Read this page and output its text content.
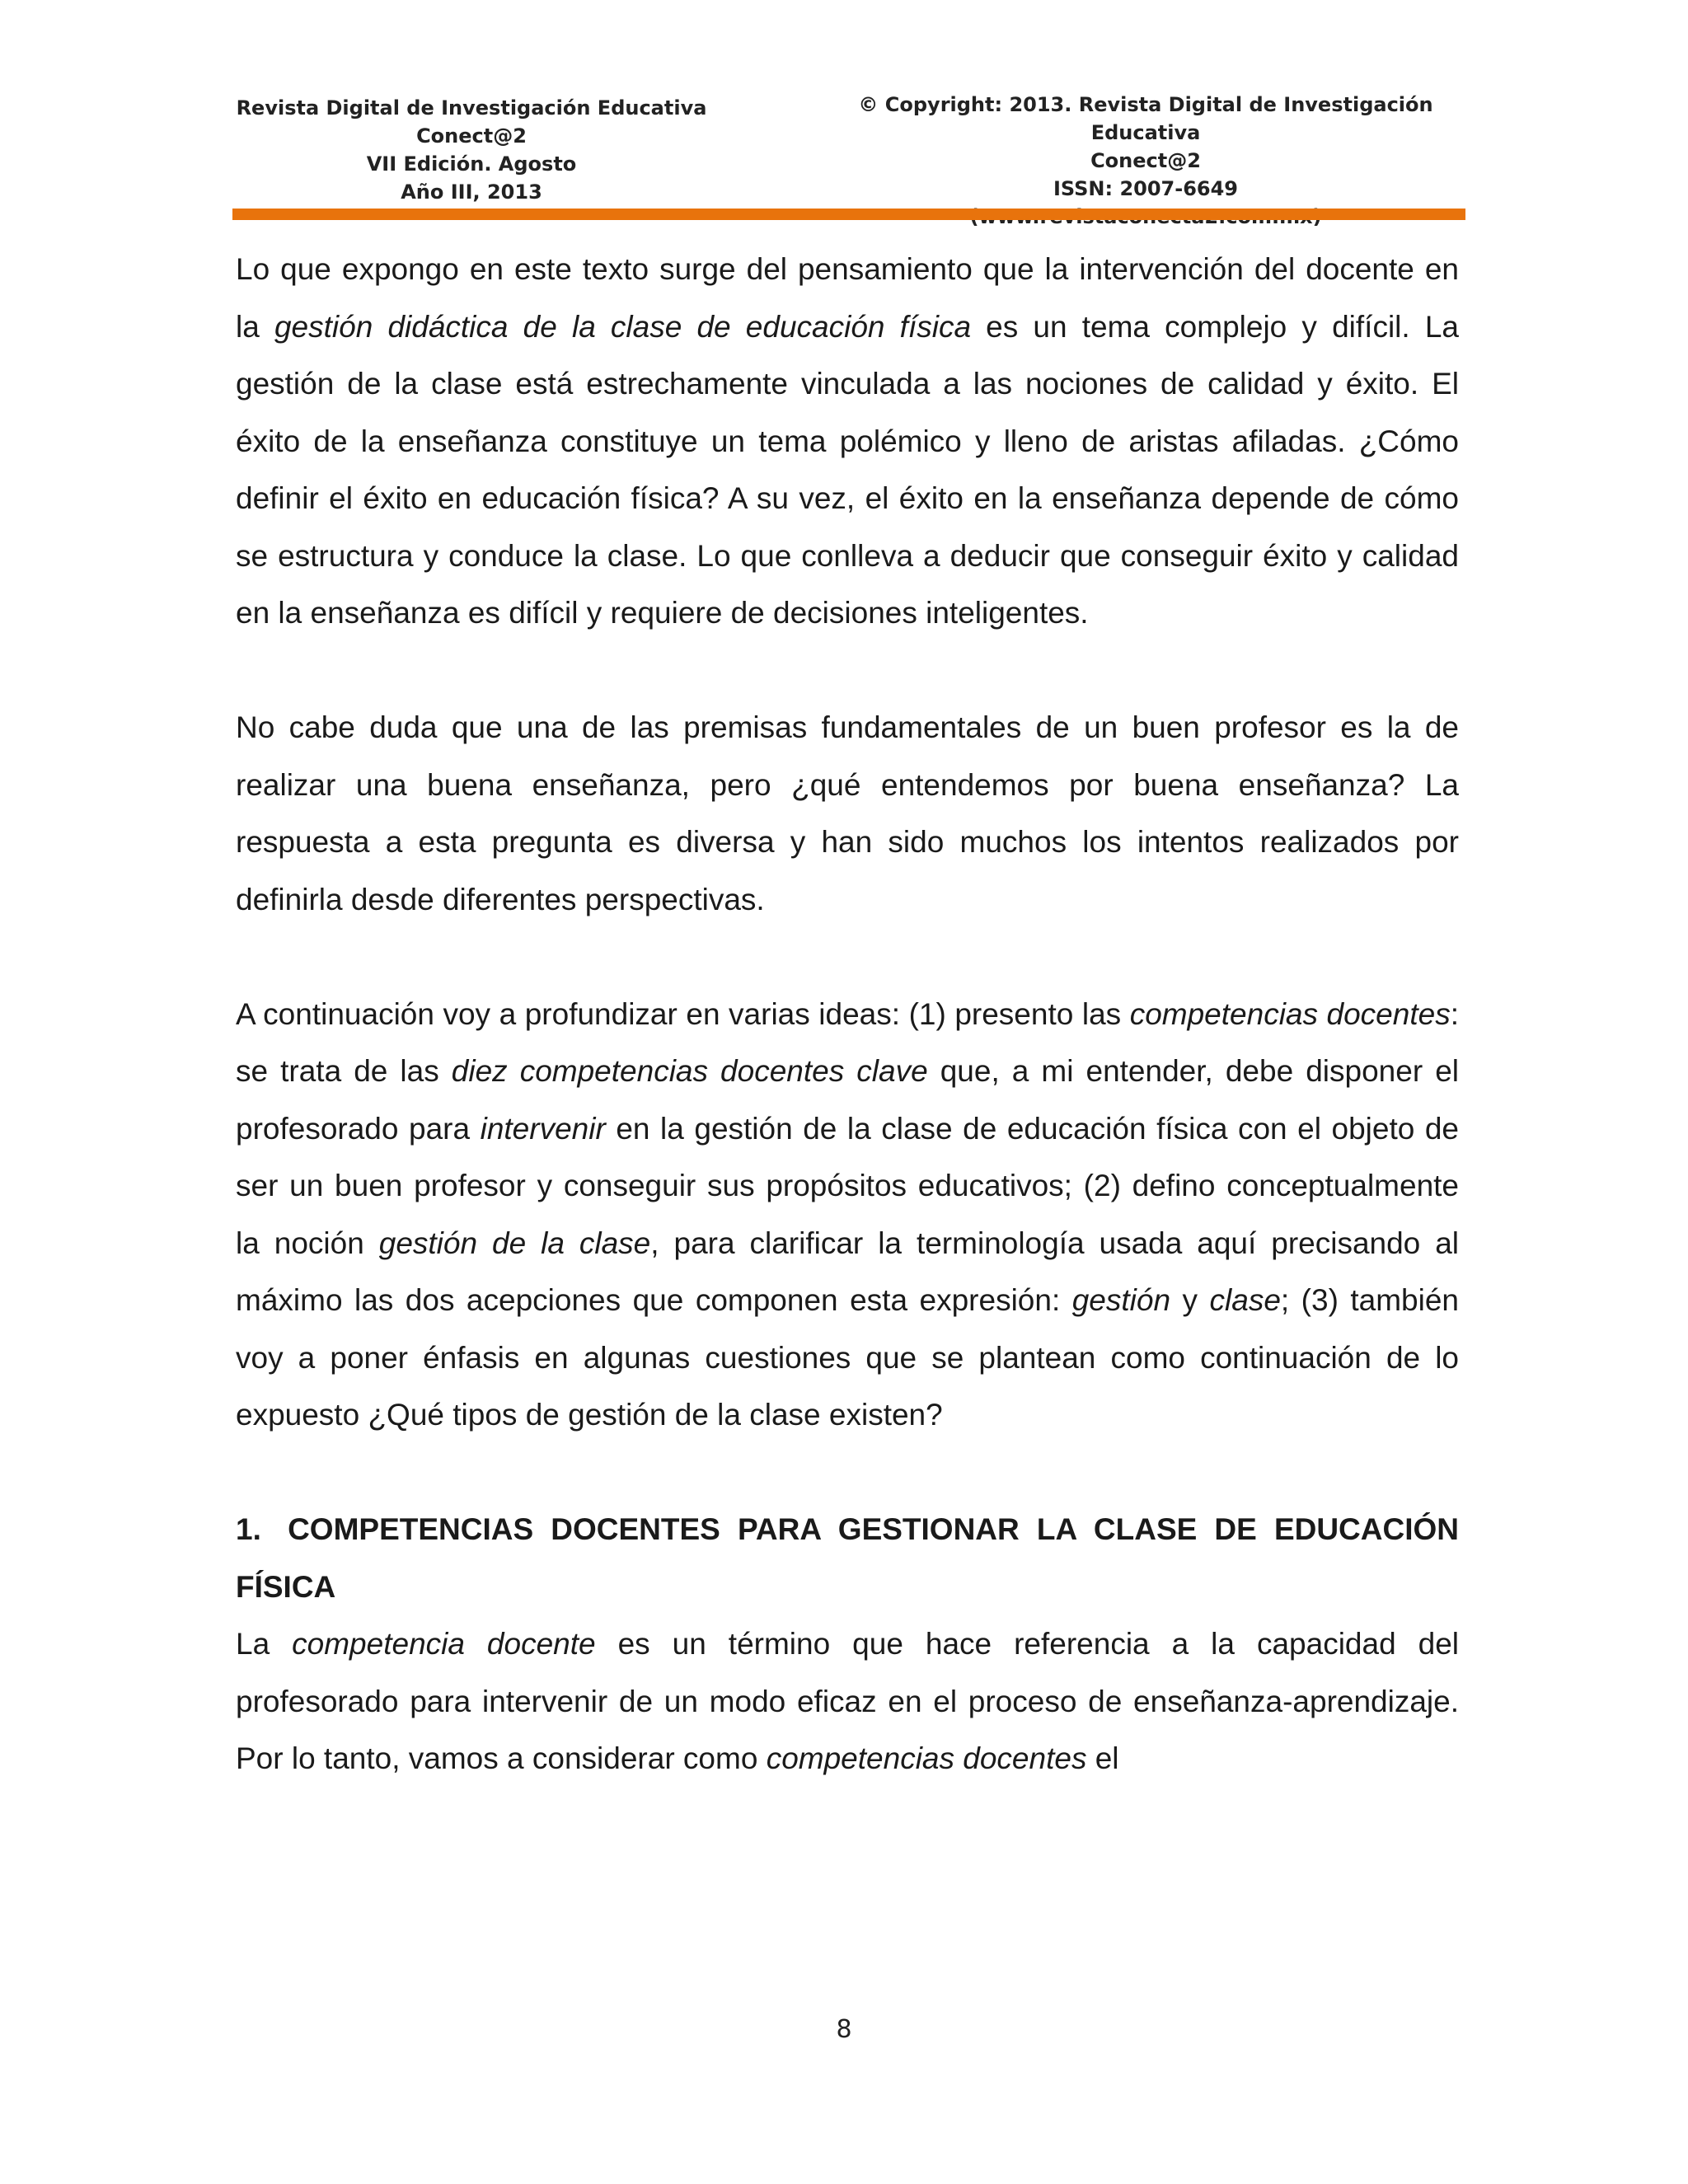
Revista Digital de Investigación Educativa
Conect@2
VII Edición. Agosto
Año III, 2013
© Copyright: 2013. Revista Digital de Investigación Educativa
Conect@2
ISSN: 2007-6649

Lo que expongo en este texto surge del pensamiento que la intervención del docente en la gestión didáctica de la clase de educación física es un tema complejo y difícil. La gestión de la clase está estrechamente vinculada a las nociones de calidad y éxito. El éxito de la enseñanza constituye un tema polémico y lleno de aristas afiladas. ¿Cómo definir el éxito en educación física? A su vez, el éxito en la enseñanza depende de cómo se estructura y conduce la clase. Lo que conlleva a deducir que conseguir éxito y calidad en la enseñanza es difícil y requiere de decisiones inteligentes.

No cabe duda que una de las premisas fundamentales de un buen profesor es la de realizar una buena enseñanza, pero ¿qué entendemos por buena enseñanza? La respuesta a esta pregunta es diversa y han sido muchos los intentos realizados por definirla desde diferentes perspectivas.

A continuación voy a profundizar en varias ideas: (1) presento las competencias docentes: se trata de las diez competencias docentes clave que, a mi entender, debe disponer el profesorado para intervenir en la gestión de la clase de educación física con el objeto de ser un buen profesor y conseguir sus propósitos educativos; (2) defino conceptualmente la noción gestión de la clase, para clarificar la terminología usada aquí precisando al máximo las dos acepciones que componen esta expresión: gestión y clase; (3) también voy a poner énfasis en algunas cuestiones que se plantean como continuación de lo expuesto ¿Qué tipos de gestión de la clase existen?

1. COMPETENCIAS DOCENTES PARA GESTIONAR LA CLASE DE EDUCACIÓN FÍSICA

La competencia docente es un término que hace referencia a la capacidad del profesorado para intervenir de un modo eficaz en el proceso de enseñanza-aprendizaje. Por lo tanto, vamos a considerar como competencias docentes el

8
